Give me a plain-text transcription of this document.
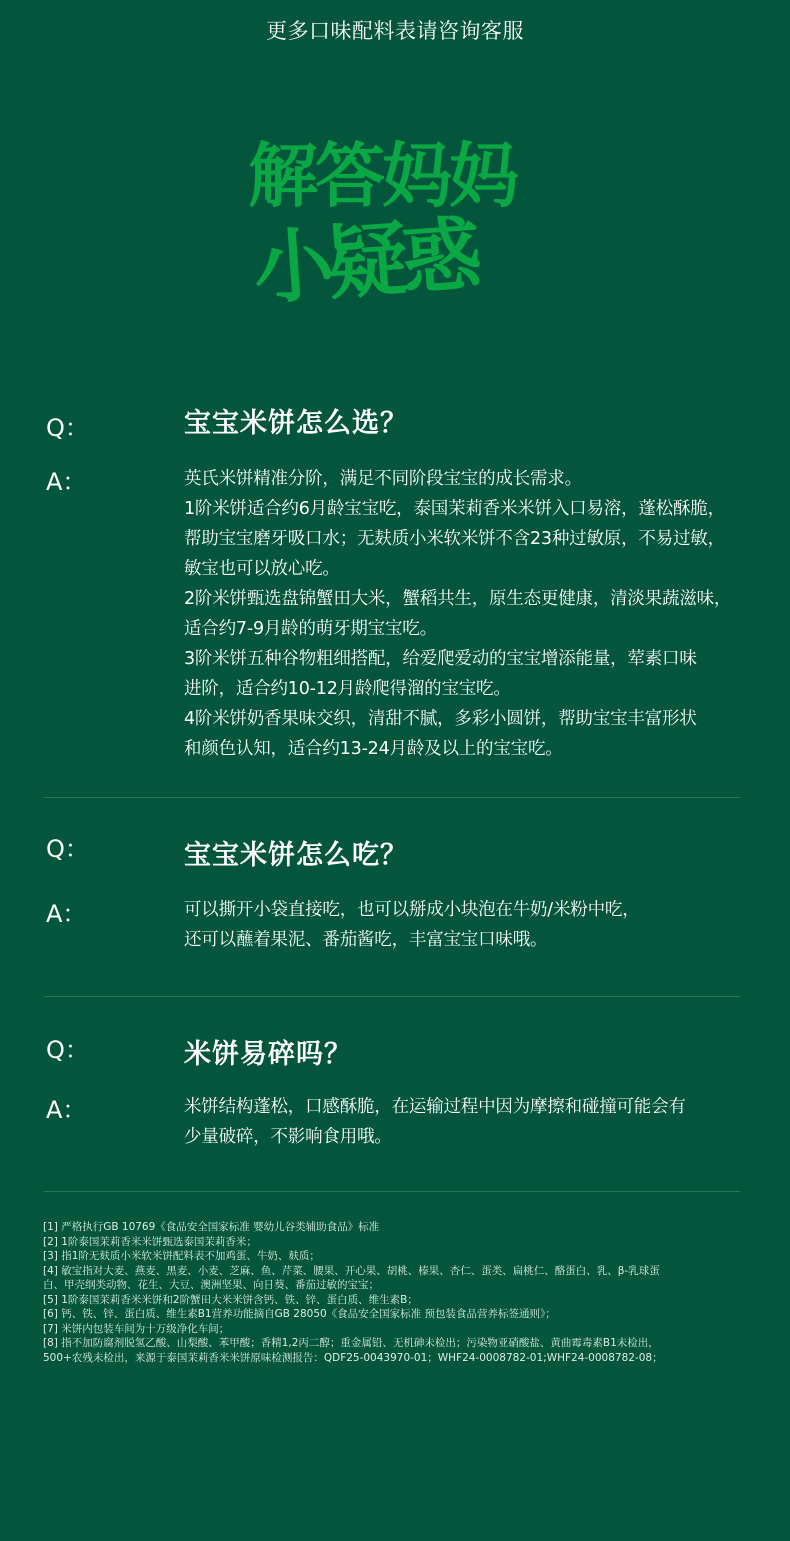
更多口味配料表请咨询客服
解答妈妈
小疑惑
Q：	宝宝米饼怎么选？
A：	英氏米饼精准分阶，满足不同阶段宝宝的成长需求。

1阶米饼适合约6月龄宝宝吃，泰国茉莉香米米饼入口易溶，蓬松酥脆，

帮助宝宝磨牙吸口水；无麸质小米软米饼不含23种过敏原，不易过敏，

敏宝也可以放心吃。

2阶米饼甄选盘锦蟹田大米，蟹稻共生，原生态更健康，清淡果蔬滋味，

适合约7-9月龄的萌牙期宝宝吃。

3阶米饼五种谷物粗细搭配，给爱爬爱动的宝宝增添能量，荤素口味

进阶，适合约10-12月龄爬得溜的宝宝吃。

4阶米饼奶香果味交织，清甜不腻，多彩小圆饼，帮助宝宝丰富形状

和颜色认知，适合约13-24月龄及以上的宝宝吃。

Q：	宝宝米饼怎么吃？
A：	可以撕开小袋直接吃，也可以掰成小块泡在牛奶/米粉中吃，

还可以蘸着果泥、番茄酱吃，丰富宝宝口味哦。

Q：	米饼易碎吗？
A：	米饼结构蓬松，口感酥脆，在运输过程中因为摩擦和碰撞可能会有

少量破碎，不影响食用哦。

[1] 严格执行GB 10769《食品安全国家标准 婴幼儿谷类辅助食品》标准

[2] 1阶泰国茉莉香米米饼甄选泰国茉莉香米；

[3] 指1阶无麸质小米软米饼配料表不加鸡蛋、牛奶、麸质；

[4] 敏宝指对大麦、燕麦、黑麦、小麦、芝麻、鱼、芹菜、腰果、开心果、胡桃、榛果、杏仁、蛋类、扁桃仁、酪蛋白、乳、β-乳球蛋

白、甲壳纲类动物、花生、大豆、澳洲坚果、向日葵、番茄过敏的宝宝；

[5] 1阶泰国茉莉香米米饼和2阶蟹田大米米饼含钙、铁、锌、蛋白质、维生素B；

[6] 钙、铁、锌、蛋白质、维生素B1营养功能摘自GB 28050《食品安全国家标准 预包装食品营养标签通则》；

[7] 米饼内包装车间为十万级净化车间；

[8] 指不加防腐剂脱氢乙酸、山梨酸、苯甲酸；香精1,2丙二醇；重金属铅、无机砷未检出；污染物亚硝酸盐、黄曲霉毒素B1未检出，

500+农残未检出，来源于泰国茉莉香米米饼原味检测报告：QDF25-0043970-01；WHF24-0008782-01;WHF24-0008782-08；
